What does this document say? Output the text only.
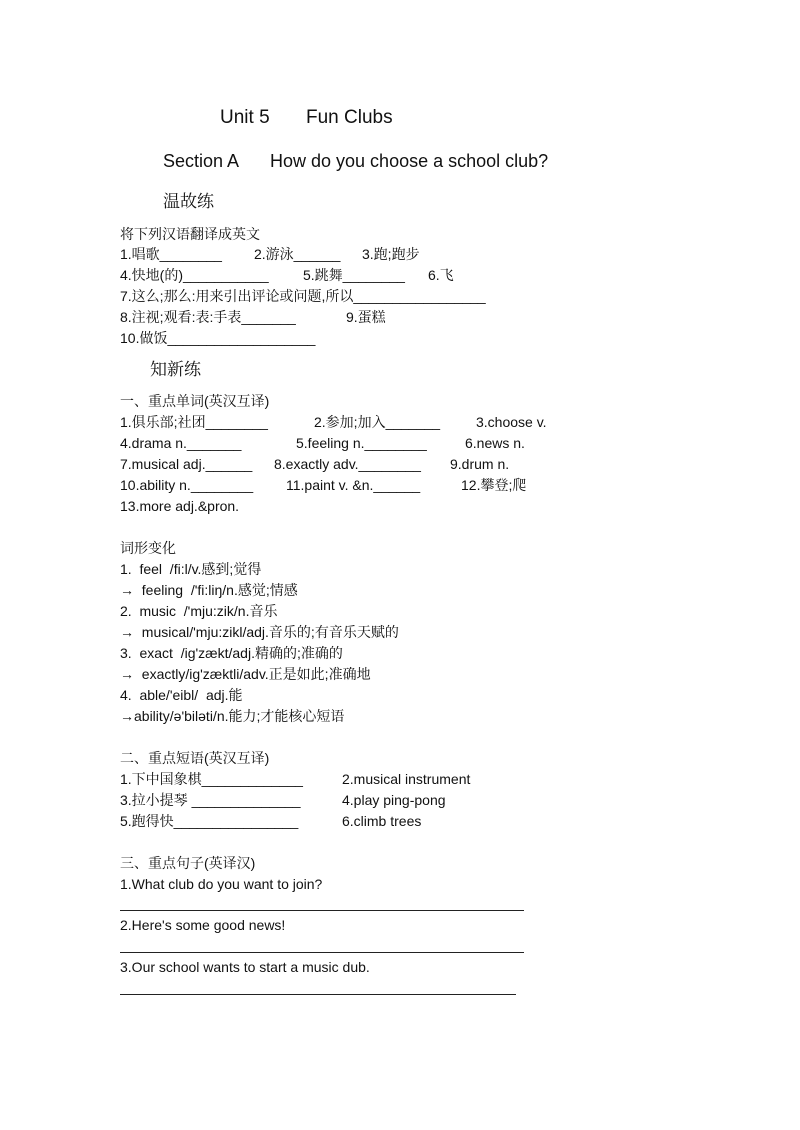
Unit 5 Fun Clubs
Section A How do you choose a school club?
温故练
将下列汉语翻译成英文
1.唱歌________ 2.游泳______ 3.跑;跑步
4.快地(的)___________ 5.跳舞________ 6.飞
7.这么;那么:用来引出评论或问题,所以_________________
8.注视;观看:表:手表_______	9.蛋糕
10.做饭___________________
知新练
一、重点单词(英汉互译)
1.俱乐部;社团________	2.参加;加入_______	3.choose v.
4.drama n._______	5.feeling n.________	6.news n.
7.musical adj.______ 8.exactly adv.________ 9.drum n.
10.ability n.________ 11.paint v. &n.______	12.攀登;爬
13.more adj.&pron.
词形变化
1.  feel  /fi:l/v.感到;觉得
→  feeling  /'fi:liŋ/n.感觉;情感
2.  music  /'mju:zik/n.音乐
→  musical/'mju:zikl/adj.音乐的;有音乐天赋的
3.  exact  /ig'zækt/adj.精确的;准确的
→  exactly/ig'zæktli/adv.正是如此;准确地
4.  able/'eibl/  adj.能
→ability/ə'biləti/n.能力;才能核心短语
二、重点短语(英汉互译)
1.下中国象棋_____________	2.musical instrument
3.拉小提琴 ______________	4.play ping-pong
5.跑得快________________	6.climb trees
三、重点句子(英译汉)
1.What club do you want to join?
2.Here's some good news!
3.Our school wants to start a music dub.
